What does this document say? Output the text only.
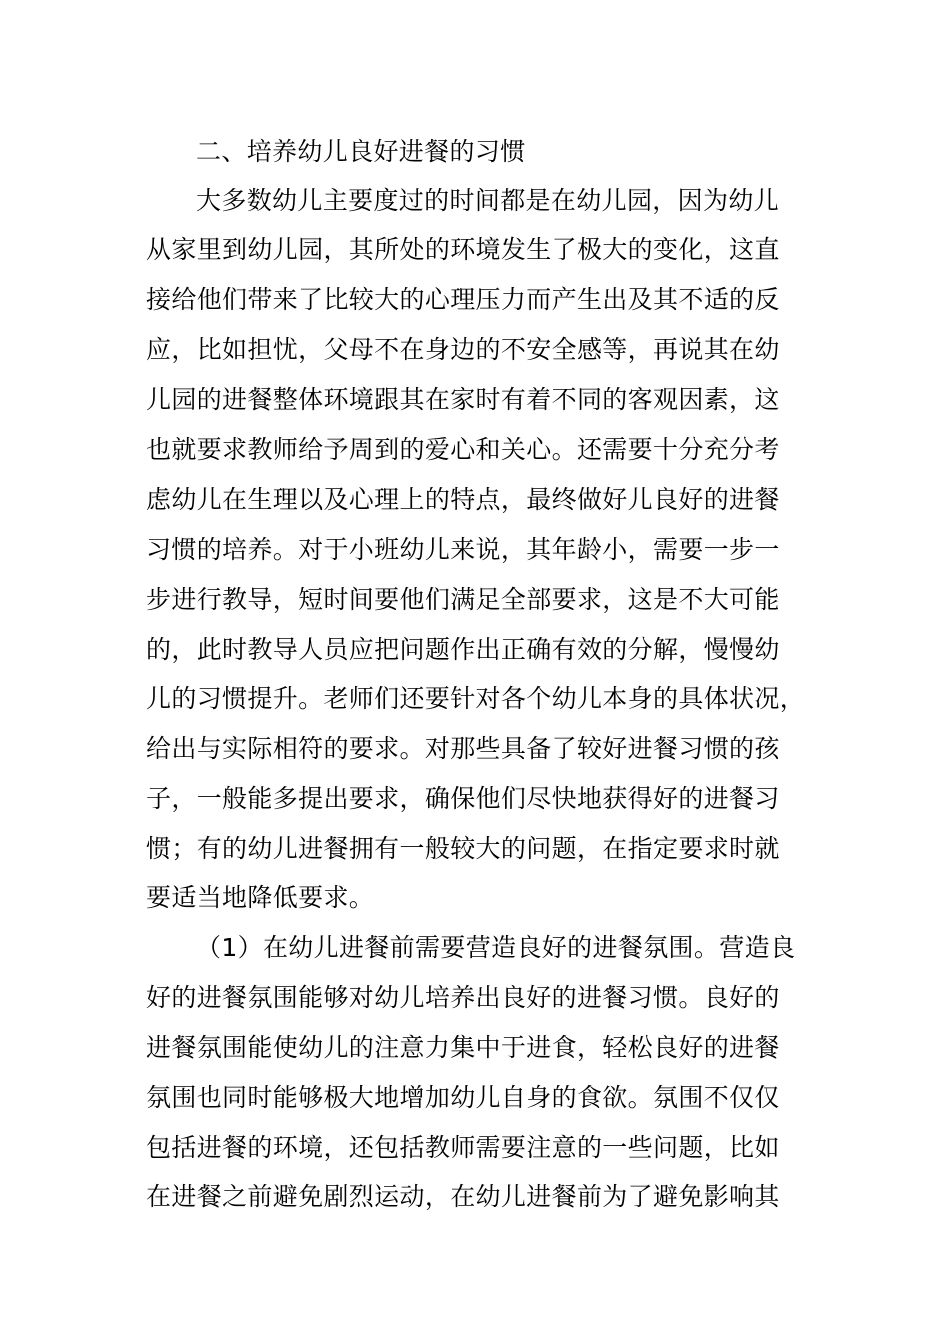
二、培养幼儿良好进餐的习惯
大多数幼儿主要度过的时间都是在幼儿园，因为幼儿
从家里到幼儿园，其所处的环境发生了极大的变化，这直
接给他们带来了比较大的心理压力而产生出及其不适的反
应，比如担忧，父母不在身边的不安全感等，再说其在幼
儿园的进餐整体环境跟其在家时有着不同的客观因素，这
也就要求教师给予周到的爱心和关心。还需要十分充分考
虑幼儿在生理以及心理上的特点，最终做好儿良好的进餐
习惯的培养。对于小班幼儿来说，其年龄小，需要一步一
步进行教导，短时间要他们满足全部要求，这是不大可能
的，此时教导人员应把问题作出正确有效的分解，慢慢幼
儿的习惯提升。老师们还要针对各个幼儿本身的具体状况，
给出与实际相符的要求。对那些具备了较好进餐习惯的孩
子，一般能多提出要求，确保他们尽快地获得好的进餐习
惯；有的幼儿进餐拥有一般较大的问题，在指定要求时就
要适当地降低要求。
（1）在幼儿进餐前需要营造良好的进餐氛围。营造良
好的进餐氛围能够对幼儿培养出良好的进餐习惯。良好的
进餐氛围能使幼儿的注意力集中于进食，轻松良好的进餐
氛围也同时能够极大地增加幼儿自身的食欲。氛围不仅仅
包括进餐的环境，还包括教师需要注意的一些问题，比如
在进餐之前避免剧烈运动，在幼儿进餐前为了避免影响其
